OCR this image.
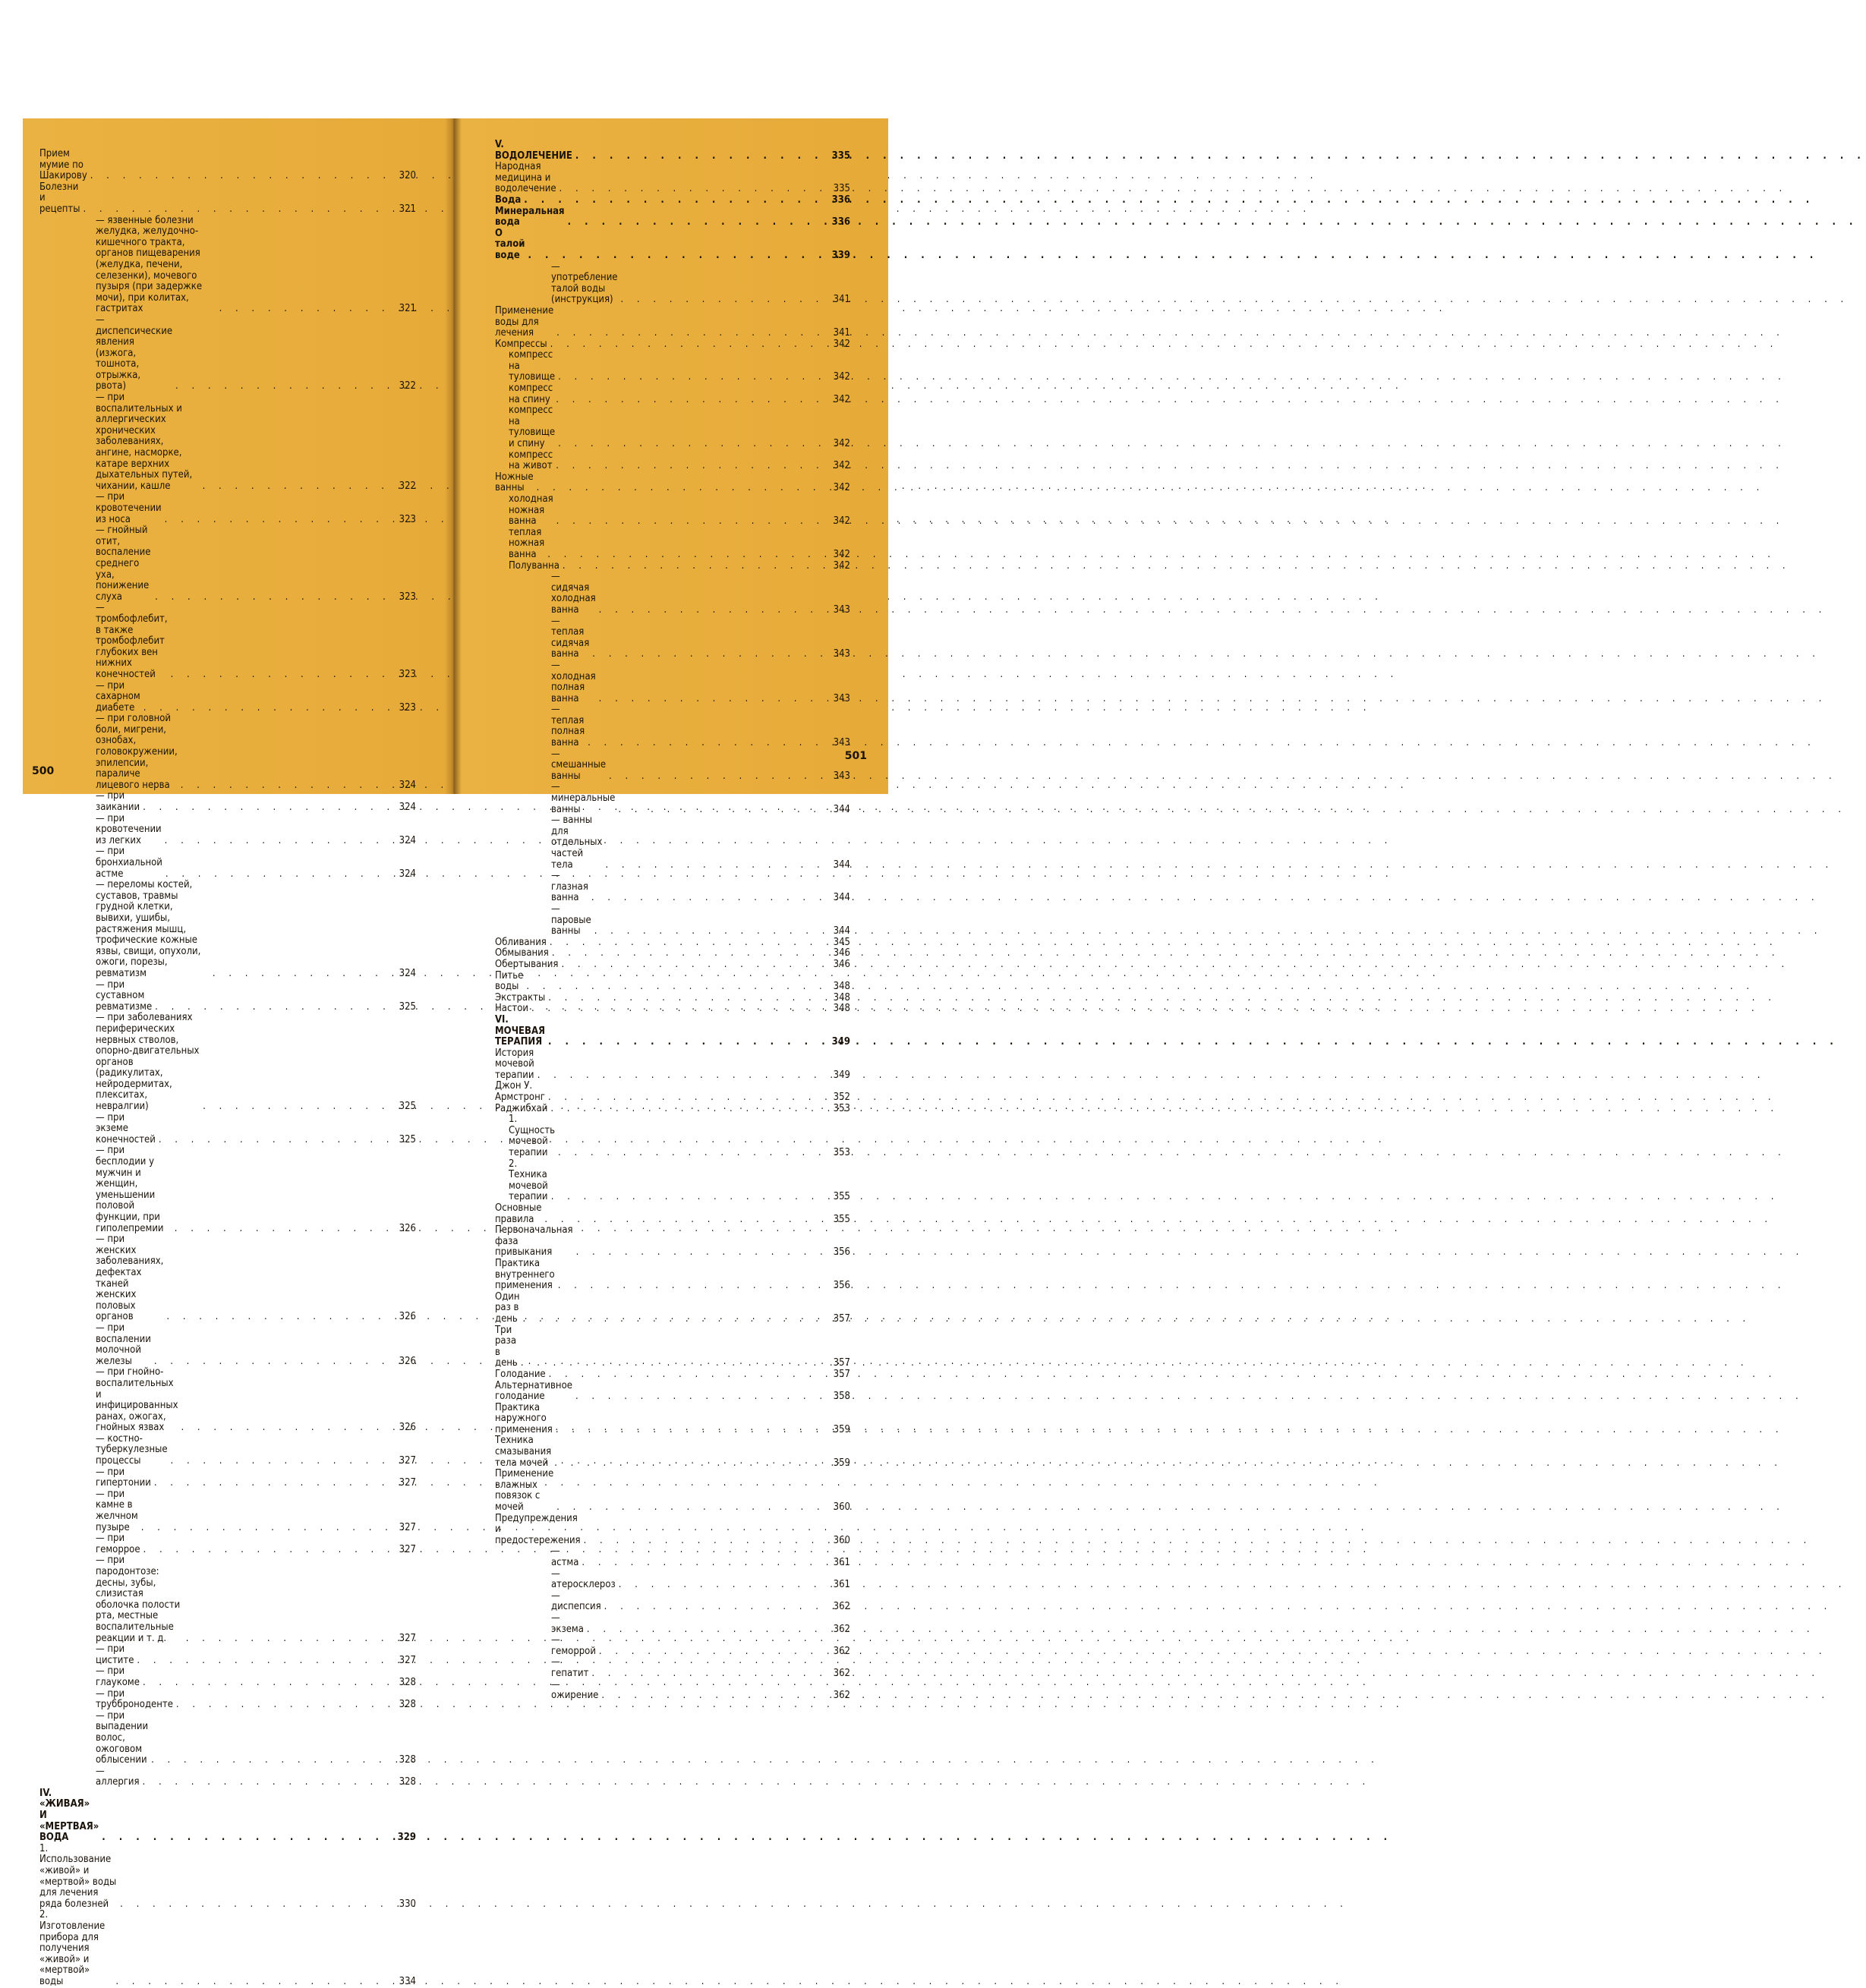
Прием мумие по Шакирову . . .	320
Болезни и рецепты . . .	321
— язвенные болезни желудка, желудочно-кишечного тракта, органов пищеварения (желудка, печени, селезенки), мочевого пузыря (при задержке мочи), при колитах, гастритах . . .	321
— диспепсические явления (изжога, тошнота, отрыжка, рвота) . . .	322
— при воспалительных и аллергических хронических заболеваниях, ангине, насморке, катаре верхних дыхательных путей, чихании, кашле . . .	322
— при кровотечении из носа . . .	323
— гнойный отит, воспаление среднего уха, понижение слуха . . .	323
— тромбофлебит, в также тромбофлебит глубоких вен нижних конечностей . . .	323
— при сахарном диабете . . .	323
— при головной боли, мигрени, ознобах, головокружении, эпилепсии, параличе лицевого нерва . . .	324
— при заикании . . .	324
— при кровотечении из легких . . .	324
— при бронхиальной астме . . .	324
— переломы костей, суставов, травмы грудной клетки, вывихи, ушибы, растяжения мышц, трофические кожные язвы, свищи, опухоли, ожоги, порезы, ревматизм . . .	324
— при суставном ревматизме . . .	325
— при заболеваниях периферических нервных стволов, опорно-двигательных органов (радикулитах, нейродермитах, плекситах, невралгии) . . .	325
— при экземе конечностей . . .	325
— при бесплодии у мужчин и женщин, уменьшении половой функции, при гиполепремии . . .	326
— при женских заболеваниях, дефектах тканей женских половых органов . . .	326
— при воспалении молочной железы . . .	326
— при гнойно-воспалительных и инфицированных ранах, ожогах, гнойных язвах . . .	326
— костно-туберкулезные процессы . . .	327
— при гипертонии . . .	327
— при камне в желчном пузыре . . .	327
— при геморрое . . .	327
— при пародонтозе: десны, зубы, слизистая оболочка полости рта, местные воспалительные реакции и т. д. . . .	327
— при цистите . . .	327
— при глаукоме . . .	328
— при трубброноденте . . .	328
— при выпадении волос, ожоговом облысении . . .	328
— аллергия . . .	328
IV. «ЖИВАЯ» И «МЕРТВАЯ» ВОДА . . .	329
1. Использование «живой» и «мертвой» воды для лечения ряда болезней . . .	330
2. Изготовление прибора для получения «живой» и «мертвой» воды . . .	334
500
V. ВОДОЛЕЧЕНИЕ . . .	335
Народная медицина и водолечение . . .	335
Вода . . .	336
Минеральная вода . . .	336
О талой воде . . .	339
— употребление талой воды (инструкция) . . .	341
Применение воды для лечения . . .	341
Компрессы . . .	342
компресс на туловище . . .	342
компресс на спину . . .	342
компресс на туловище и спину . . .	342
компресс на живот . . .	342
Ножные ванны . . .	342
холодная ножная ванна . . .	342
теплая ножная ванна . . .	342
Полуванна . . .	342
— сидячая холодная ванна . . .	343
— теплая сидячая ванна . . .	343
— холодная полная ванна . . .	343
— теплая полная ванна . . .	343
— смешанные ванны . . .	343
— минеральные ванны . . .	344
— ванны для отдельных частей тела . . .	344
— глазная ванна . . .	344
— паровые ванны . . .	344
Обливания . . .	345
Обмывания . . .	346
Обертывания . . .	346
Питье воды . . .	348
Экстракты . . .	348
Настои . . .	348
VI. МОЧЕВАЯ ТЕРАПИЯ . . .	349
История мочевой терапии . . .	349
Джон У. Армстронг . . .	352
Раджибхай . . .	353
1. Сущность мочевой терапии . . .	353
2. Техника мочевой терапии . . .	355
Основные правила . . .	355
Первоначальная фаза привыкания . . .	356
Практика внутреннего применения . . .	356
Один раз в день . . .	357
Три раза в день . . .	357
Голодание . . .	357
Альтернативное голодание . . .	358
Практика наружного применения . . .	359
Техника смазывания тела мочей . . .	359
Применение влажных повязок с мочей . . .	360
Предупреждения и предостережения . . .	360
— астма . . .	361
— атеросклероз . . .	361
— диспепсия . . .	362
— экзема . . .	362
— геморрой . . .	362
— гепатит . . .	362
— ожирение . . .	362
501
